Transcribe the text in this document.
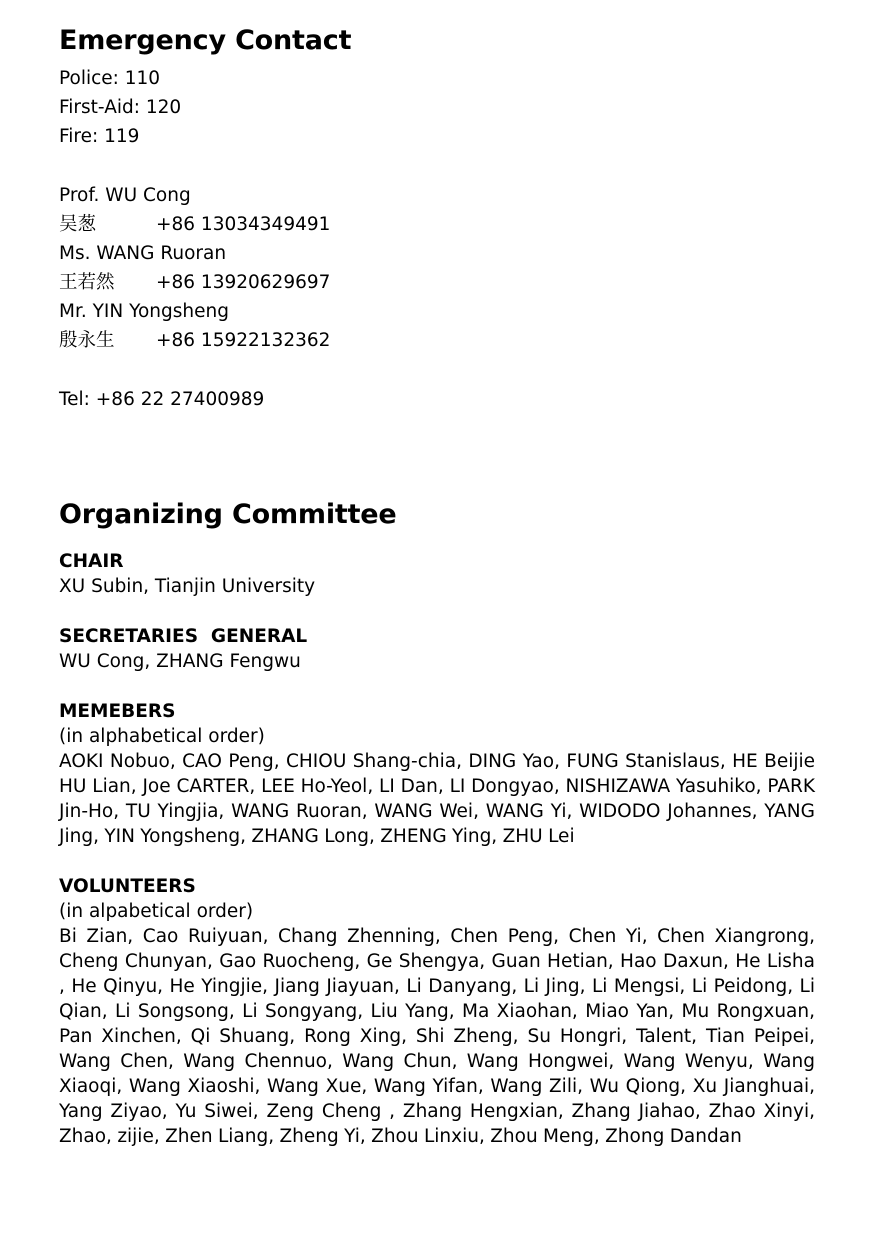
Emergency Contact
Police: 110
First-Aid: 120
Fire: 119
Prof. WU Cong
吴葱	+86 13034349491
Ms. WANG Ruoran
王若然	+86 13920629697
Mr. YIN Yongsheng
殷永生	+86 15922132362
Tel: +86 22 27400989
Organizing Committee
CHAIR
XU Subin, Tianjin University
SECRETARIES  GENERAL
WU Cong, ZHANG Fengwu
MEMEBERS
(in alphabetical order)
AOKI Nobuo, CAO Peng, CHIOU Shang-chia, DING Yao, FUNG Stanislaus, HE Beijie HU Lian, Joe CARTER, LEE Ho-Yeol, LI Dan, LI Dongyao, NISHIZAWA Yasuhiko, PARK Jin-Ho, TU Yingjia, WANG Ruoran, WANG Wei, WANG Yi, WIDODO Johannes, YANG Jing, YIN Yongsheng, ZHANG Long, ZHENG Ying, ZHU Lei
VOLUNTEERS
(in alpabetical order)
Bi Zian, Cao Ruiyuan, Chang Zhenning, Chen Peng, Chen Yi, Chen Xiangrong, Cheng Chunyan, Gao Ruocheng, Ge Shengya, Guan Hetian, Hao Daxun, He Lisha , He Qinyu, He Yingjie, Jiang Jiayuan, Li Danyang, Li Jing, Li Mengsi, Li Peidong, Li Qian, Li Songsong, Li Songyang, Liu Yang, Ma Xiaohan, Miao Yan, Mu Rongxuan, Pan Xinchen, Qi Shuang, Rong Xing, Shi Zheng, Su Hongri, Talent, Tian Peipei, Wang Chen, Wang Chennuo, Wang Chun, Wang Hongwei, Wang Wenyu, Wang Xiaoqi, Wang Xiaoshi, Wang Xue, Wang Yifan, Wang Zili, Wu Qiong, Xu Jianghuai, Yang Ziyao, Yu Siwei, Zeng Cheng , Zhang Hengxian, Zhang Jiahao, Zhao Xinyi, Zhao, zijie, Zhen Liang, Zheng Yi, Zhou Linxiu, Zhou Meng, Zhong Dandan
